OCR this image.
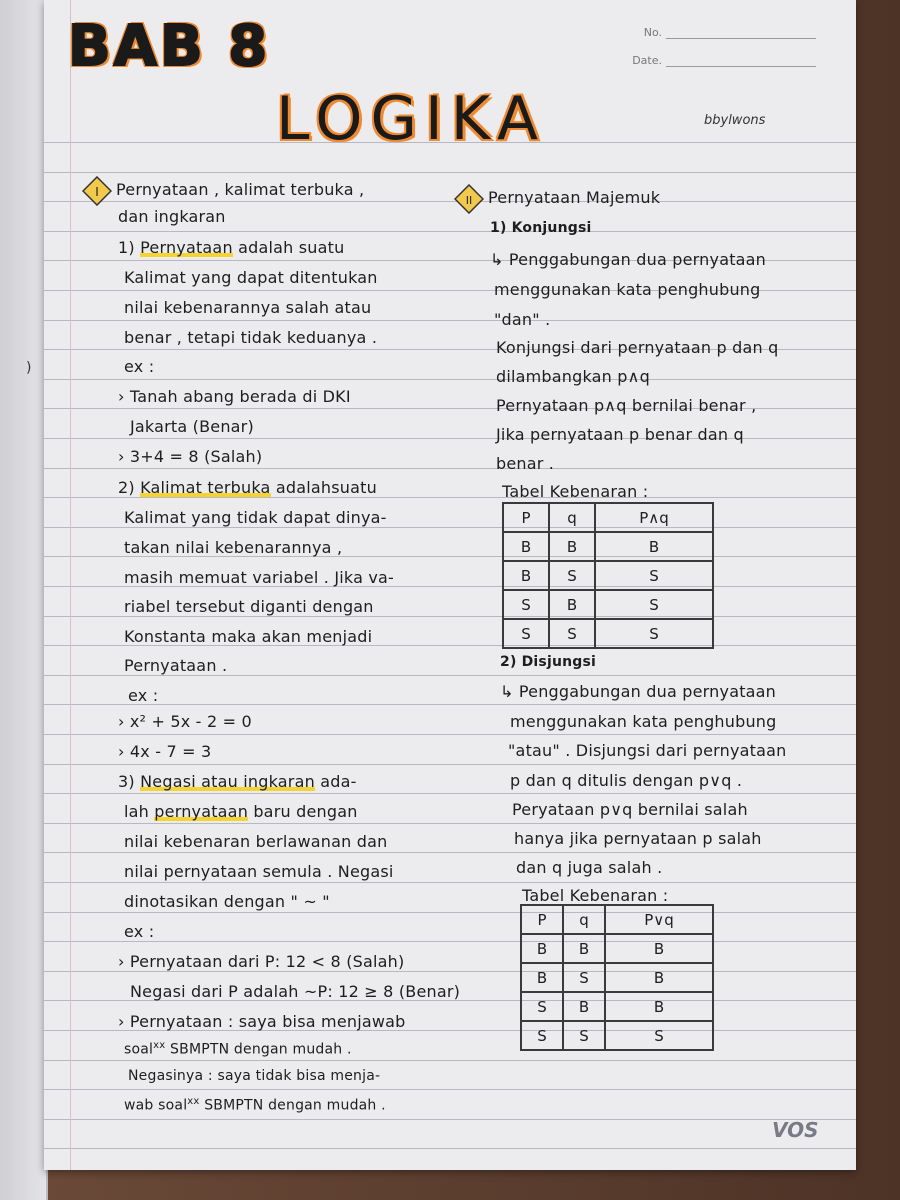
)
No.
Date.
BAB 8
LOGIKA	bbylwons
I Pernyataan , kalimat terbuka ,
dan ingkaran
1) Pernyataan adalah suatu
Kalimat yang dapat ditentukan
nilai kebenarannya salah atau
benar , tetapi tidak keduanya .
ex :
› Tanah abang berada di DKI
Jakarta (Benar)
› 3+4 = 8 (Salah)
2) Kalimat terbuka adalahsuatu
Kalimat yang tidak dapat dinya-
takan nilai kebenarannya ,
masih memuat variabel . Jika va-
riabel tersebut diganti dengan
Konstanta maka akan menjadi
Pernyataan .
ex :
› x² + 5x - 2 = 0
› 4x - 7 = 3
3) Negasi atau ingkaran ada-
lah pernyataan baru dengan
nilai kebenaran berlawanan dan
nilai pernyataan semula . Negasi
dinotasikan dengan " ~ "
ex :
› Pernyataan dari P: 12 < 8 (Salah)
Negasi dari P adalah ~P: 12 ≥ 8 (Benar)
› Pernyataan : saya bisa menjawab
soal$^{xx}$ SBMPTN dengan mudah .
Negasinya : saya tidak bisa menja-
wab soal$^{xx}$ SBMPTN dengan mudah .
II Pernyataan Majemuk
1) Konjungsi
↳ Penggabungan dua pernyataan
menggunakan kata penghubung
"dan" .
Konjungsi dari pernyataan p dan q
dilambangkan p∧q
Pernyataan p∧q bernilai benar ,
Jika pernyataan p benar dan q
benar .
Tabel Kebenaran :
P	q	P∧q
B	B	B
B	S	S
S	B	S
S	S	S
2) Disjungsi
↳ Penggabungan dua pernyataan
menggunakan kata penghubung
"atau" . Disjungsi dari pernyataan
p dan q ditulis dengan p∨q .
Peryataan p∨q bernilai salah
hanya jika pernyataan p salah
dan q juga salah .
Tabel Kebenaran :
P	q	P∨q
B	B	B
B	S	B
S	B	B
S	S	S
VOS
